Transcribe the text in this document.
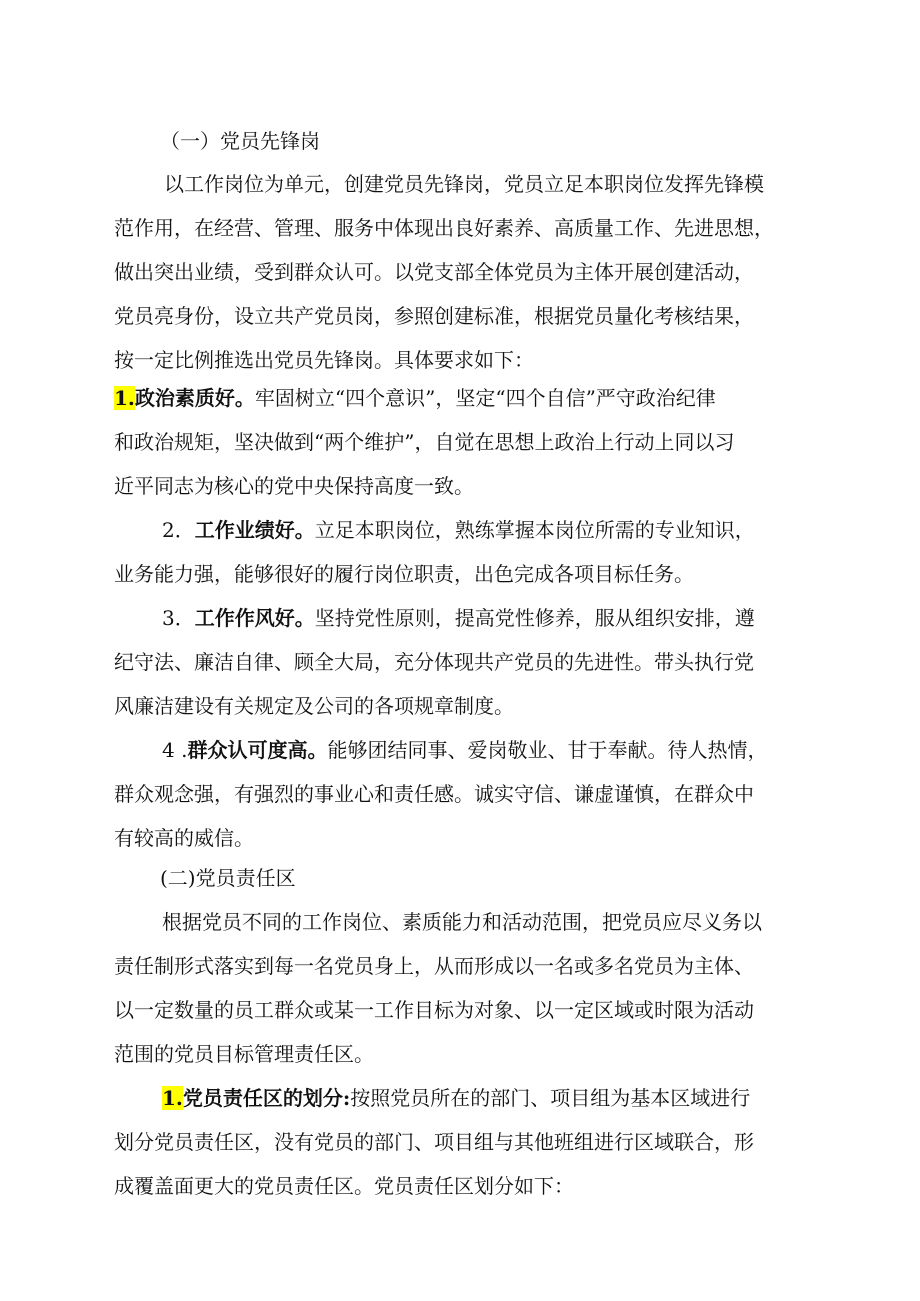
（一）党员先锋岗
以工作岗位为单元，创建党员先锋岗，党员立足本职岗位发挥先锋模
范作用，在经营、管理、服务中体现出良好素养、高质量工作、先进思想，
做出突出业绩，受到群众认可。以党支部全体党员为主体开展创建活动，
党员亮身份，设立共产党员岗，参照创建标准，根据党员量化考核结果，
按一定比例推选出党员先锋岗。具体要求如下：
1.政治素质好。牢固树立“四个意识”，坚定“四个自信”严守政治纪律
和政治规矩，坚决做到“两个维护”，自觉在思想上政治上行动上同以习
近平同志为核心的党中央保持高度一致。
2．工作业绩好。立足本职岗位，熟练掌握本岗位所需的专业知识，
业务能力强，能够很好的履行岗位职责，出色完成各项目标任务。
3．工作作风好。坚持党性原则，提高党性修养，服从组织安排，遵
纪守法、廉洁自律、顾全大局，充分体现共产党员的先进性。带头执行党
风廉洁建设有关规定及公司的各项规章制度。
4 .群众认可度高。能够团结同事、爱岗敬业、甘于奉献。待人热情，
群众观念强，有强烈的事业心和责任感。诚实守信、谦虚谨慎，在群众中
有较高的威信。
(二)党员责任区
根据党员不同的工作岗位、素质能力和活动范围，把党员应尽义务以
责任制形式落实到每一名党员身上，从而形成以一名或多名党员为主体、
以一定数量的员工群众或某一工作目标为对象、以一定区域或时限为活动
范围的党员目标管理责任区。
1.党员责任区的划分:按照党员所在的部门、项目组为基本区域进行
划分党员责任区，没有党员的部门、项目组与其他班组进行区域联合，形
成覆盖面更大的党员责任区。党员责任区划分如下：
